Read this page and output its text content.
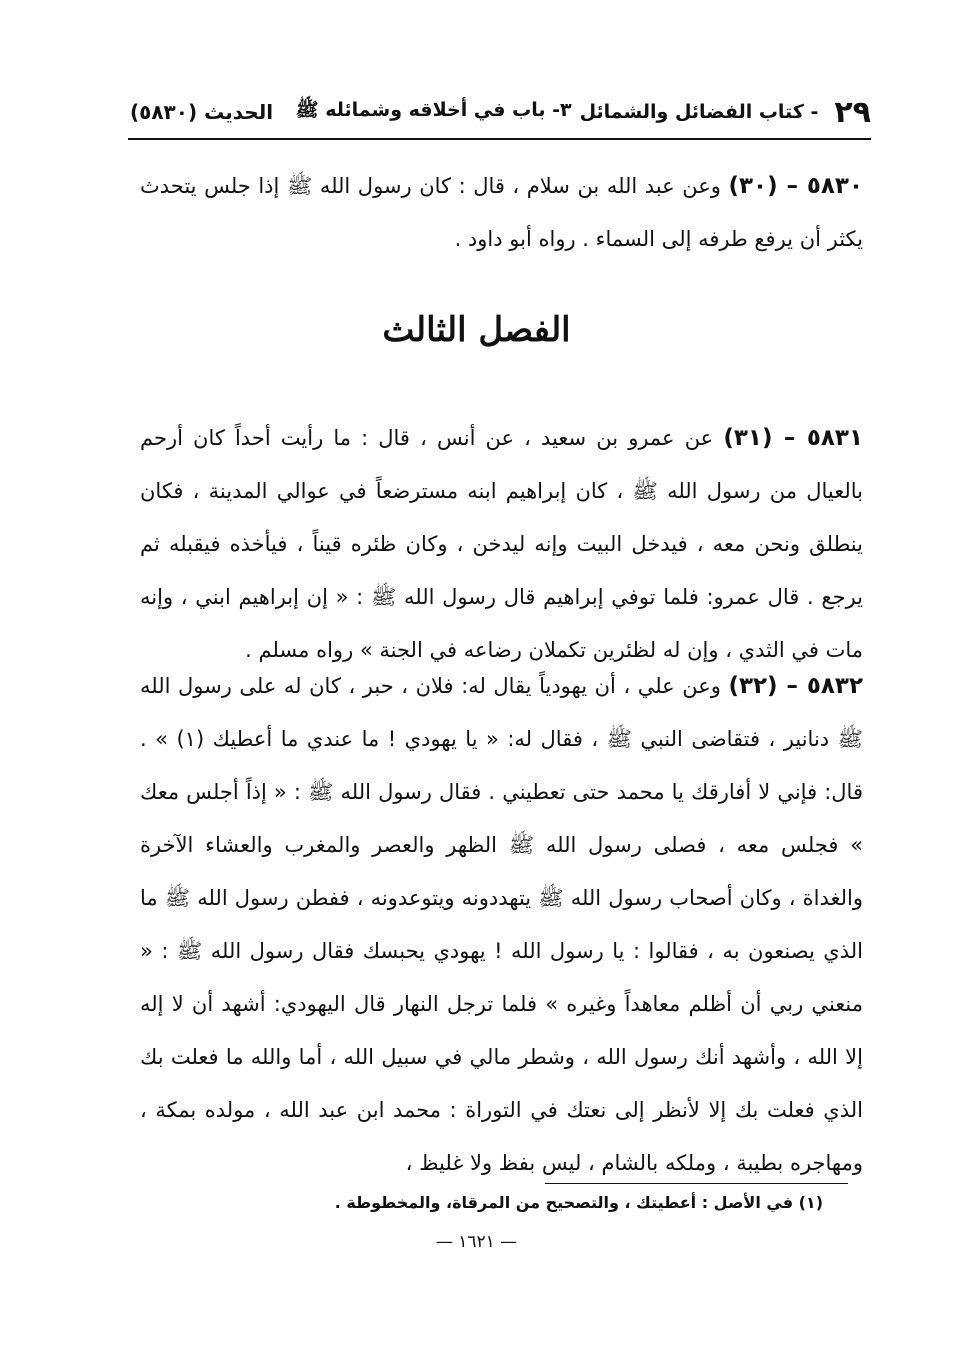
٢٩
- كتاب الفضائل والشمائل
٣- باب في أخلاقه وشمائله ﷺ
الحديث (٥٨٣٠)
٥٨٣٠ – (٣٠) وعن عبد الله بن سلام ، قال : كان رسول الله ﷺ إذا جلس يتحدث يكثر أن يرفع طرفه إلى السماء . رواه أبو داود .
الفصل الثالث
٥٨٣١ – (٣١) عن عمرو بن سعيد ، عن أنس ، قال : ما رأيت أحداً كان أرحم بالعيال من رسول الله ﷺ ، كان إبراهيم ابنه مسترضعاً في عوالي المدينة ، فكان ينطلق ونحن معه ، فيدخل البيت وإنه ليدخن ، وكان ظئره قيناً ، فيأخذه فيقبله ثم يرجع . قال عمرو: فلما توفي إبراهيم قال رسول الله ﷺ : « إن إبراهيم ابني ، وإنه مات في الثدي ، وإن له لظئرين تكملان رضاعه في الجنة » رواه مسلم .
٥٨٣٢ – (٣٢) وعن علي ، أن يهودياً يقال له: فلان ، حبر ، كان له على رسول الله ﷺ دنانير ، فتقاضى النبي ﷺ ، فقال له: « يا يهودي ! ما عندي ما أعطيك (١) » . قال: فإني لا أفارقك يا محمد حتى تعطيني . فقال رسول الله ﷺ : « إذاً أجلس معك » فجلس معه ، فصلى رسول الله ﷺ الظهر والعصر والمغرب والعشاء الآخرة والغداة ، وكان أصحاب رسول الله ﷺ يتهددونه ويتوعدونه ، ففطن رسول الله ﷺ ما الذي يصنعون به ، فقالوا : يا رسول الله ! يهودي يحبسك فقال رسول الله ﷺ : « منعني ربي أن أظلم معاهداً وغيره » فلما ترجل النهار قال اليهودي: أشهد أن لا إله إلا الله ، وأشهد أنك رسول الله ، وشطر مالي في سبيل الله ، أما والله ما فعلت بك الذي فعلت بك إلا لأنظر إلى نعتك في التوراة : محمد ابن عبد الله ، مولده بمكة ، ومهاجره بطيبة ، وملكه بالشام ، ليس بفظ ولا غليظ ،
(١) في الأصل : أعطيتك ، والتصحيح من المرقاة، والمخطوطة .
— ١٦٢١ —
